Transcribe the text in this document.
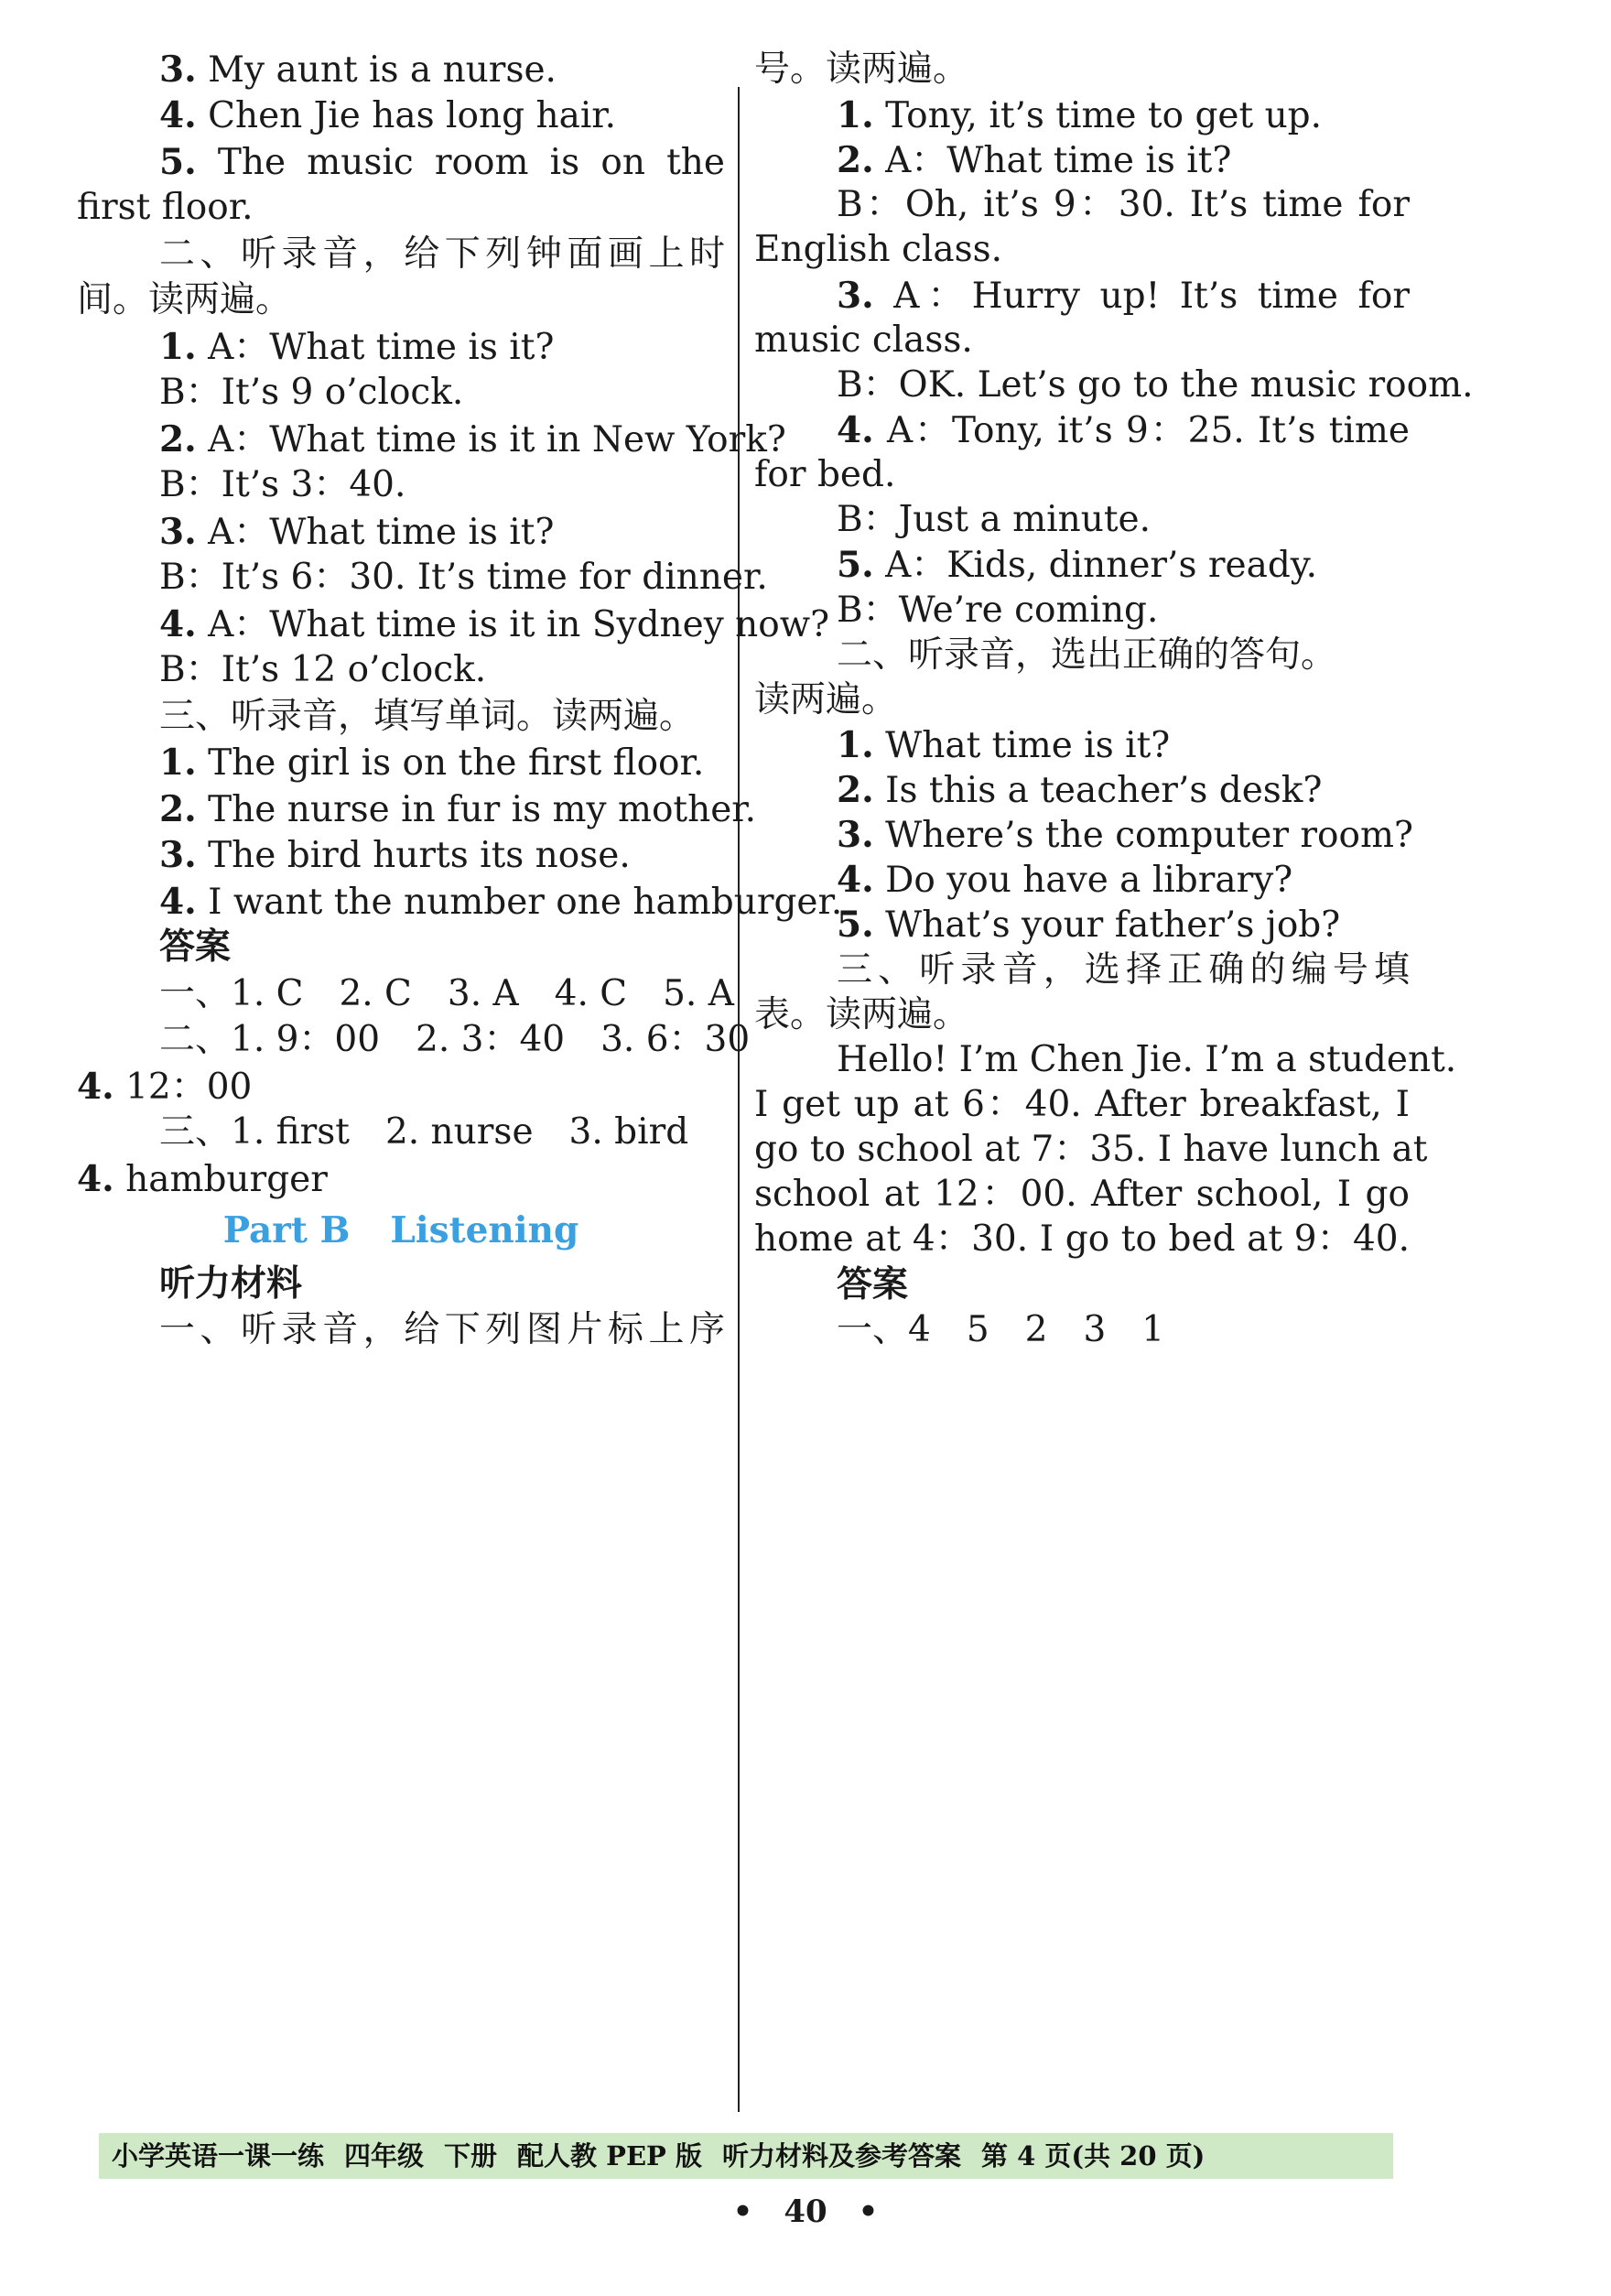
3. My aunt is a nurse.
4. Chen Jie has long hair.
5. The music room is on the
first floor.
二、听录音，给下列钟面画上时
间。读两遍。
1. A：What time is it?
B：It’s 9 o’clock.
2. A：What time is it in New York?
B：It’s 3：40.
3. A：What time is it?
B：It’s 6：30. It’s time for dinner.
4. A：What time is it in Sydney now?
B：It’s 12 o’clock.
三、听录音，填写单词。读两遍。
1. The girl is on the first floor.
2. The nurse in fur is my mother.
3. The bird hurts its nose.
4. I want the number one hamburger.
答案
一、1. C　2. C　3. A　4. C　5. A
二、1. 9：00　2. 3：40　3. 6：30
4. 12：00
三、1. first　2. nurse　3. bird
4. hamburger
Part B Listening
听力材料
一、听录音，给下列图片标上序
号。读两遍。
1. Tony, it’s time to get up.
2. A：What time is it?
B：Oh, it’s 9：30. It’s time for
English class.
3. A：Hurry up! It’s time for
music class.
B：OK. Let’s go to the music room.
4. A：Tony, it’s 9：25. It’s time
for bed.
B：Just a minute.
5. A：Kids, dinner’s ready.
B：We’re coming.
二、听录音，选出正确的答句。
读两遍。
1. What time is it?
2. Is this a teacher’s desk?
3. Where’s the computer room?
4. Do you have a library?
5. What’s your father’s job?
三、听录音，选择正确的编号填
表。读两遍。
Hello! I’m Chen Jie. I’m a student.
I get up at 6：40. After breakfast, I
go to school at 7：35. I have lunch at
school at 12：00. After school, I go
home at 4：30. I go to bed at 9：40.
答案
一、4　5　2　3　1
小学英语一课一练 四年级 下册 配人教 PEP 版 听力材料及参考答案 第 4 页(共 20 页)
•　40　•
